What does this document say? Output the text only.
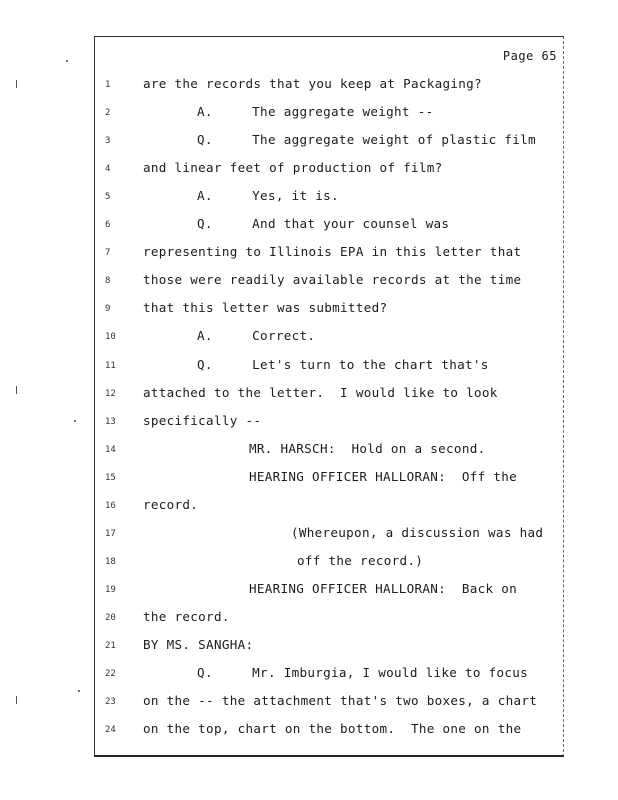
Page 65
1	are the records that you keep at Packaging?
2	A.     The aggregate weight --
3	Q.     The aggregate weight of plastic film
4	and linear feet of production of film?
5	A.     Yes, it is.
6	Q.     And that your counsel was
7	representing to Illinois EPA in this letter that
8	those were readily available records at the time
9	that this letter was submitted?
10	A.     Correct.
11	Q.     Let's turn to the chart that's
12	attached to the letter.  I would like to look
13	specifically --
14	MR. HARSCH:  Hold on a second.
15	HEARING OFFICER HALLORAN:  Off the
16	record.
17	(Whereupon, a discussion was had
18	off the record.)
19	HEARING OFFICER HALLORAN:  Back on
20	the record.
21	BY MS. SANGHA:
22	Q.     Mr. Imburgia, I would like to focus
23	on the -- the attachment that's two boxes, a chart
24	on the top, chart on the bottom.  The one on the
